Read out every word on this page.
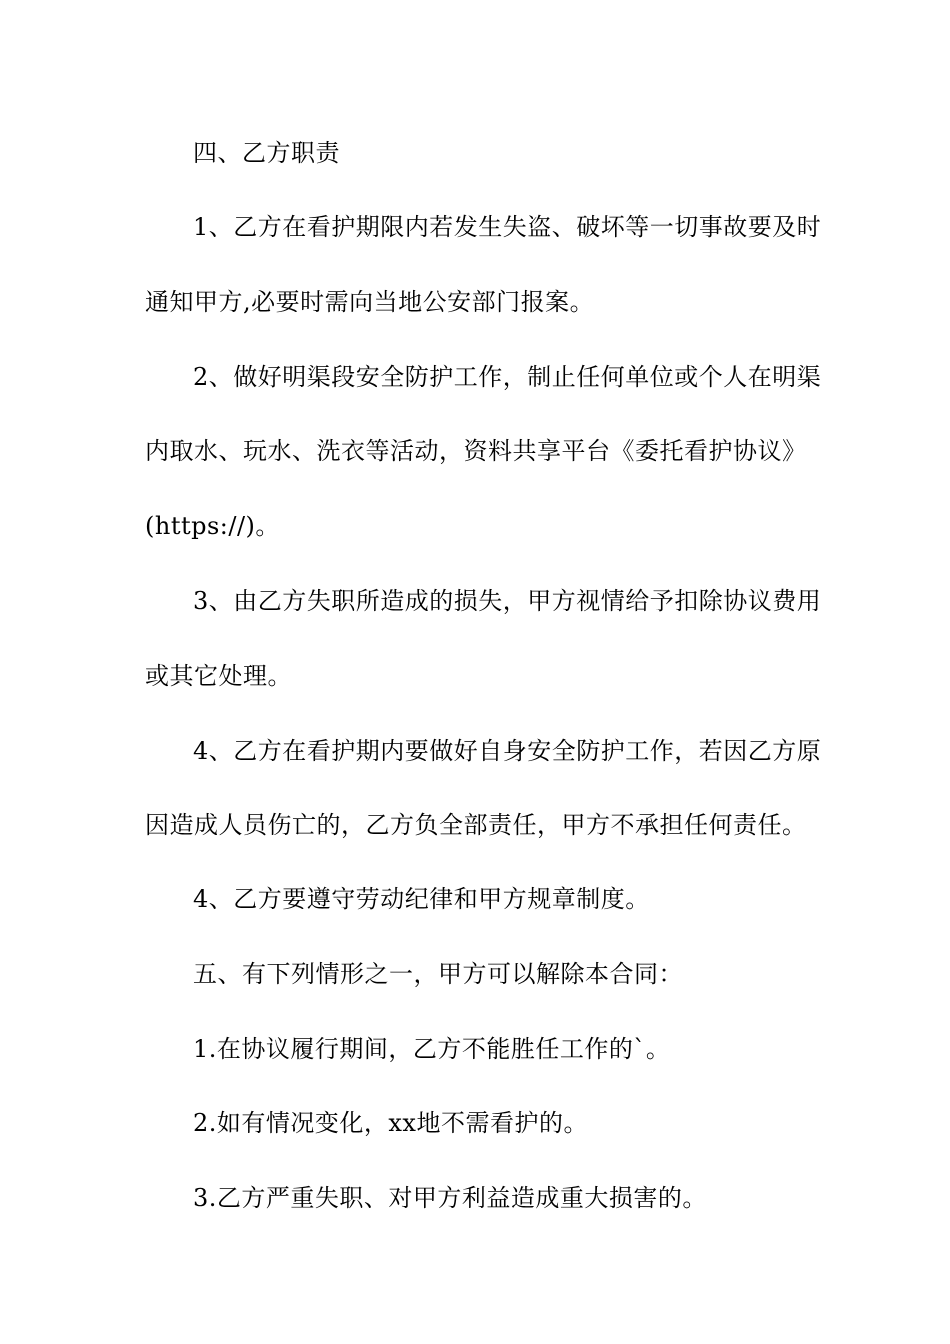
四、乙方职责
1、乙方在看护期限内若发生失盗、破坏等一切事故要及时
通知甲方,必要时需向当地公安部门报案。
2、做好明渠段安全防护工作，制止任何单位或个人在明渠
内取水、玩水、洗衣等活动，资料共享平台《委托看护协议》
(https://)。
3、由乙方失职所造成的损失，甲方视情给予扣除协议费用
或其它处理。
4、乙方在看护期内要做好自身安全防护工作，若因乙方原
因造成人员伤亡的，乙方负全部责任，甲方不承担任何责任。
4、乙方要遵守劳动纪律和甲方规章制度。
五、有下列情形之一，甲方可以解除本合同：
1.在协议履行期间，乙方不能胜任工作的`。
2.如有情况变化，xx地不需看护的。
3.乙方严重失职、对甲方利益造成重大损害的。
